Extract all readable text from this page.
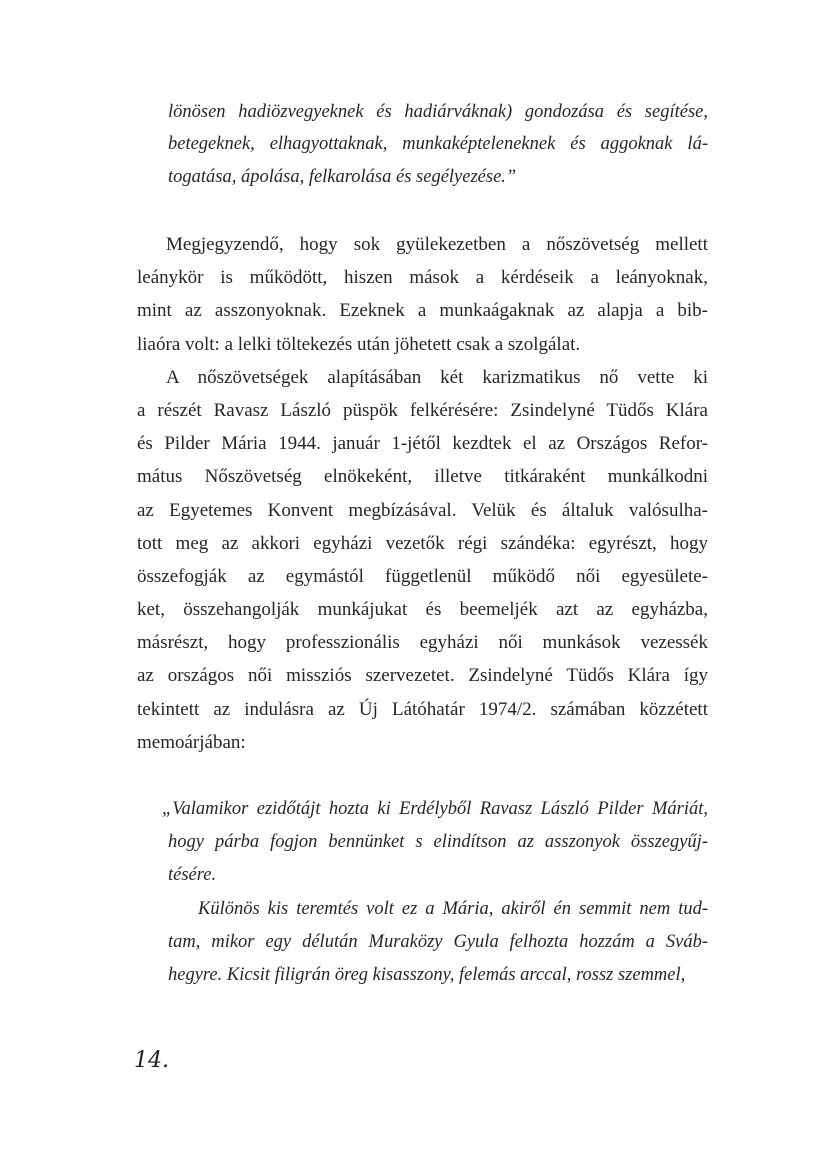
lönösen hadiözvegyeknek és hadiárváknak) gondozása és segítése,
betegeknek, elhagyottaknak, munkaképteleneknek és aggoknak lá-
togatása, ápolása, felkarolása és segélyezése.”
Megjegyzendő, hogy sok gyülekezetben a nőszövetség mellett
leánykör is működött, hiszen mások a kérdéseik a leányoknak,
mint az asszonyoknak. Ezeknek a munkaágaknak az alapja a bib-
liaóra volt: a lelki töltekezés után jöhetett csak a szolgálat.
A nőszövetségek alapításában két karizmatikus nő vette ki
a részét Ravasz László püspök felkérésére: Zsindelyné Tüdős Klára
és Pilder Mária 1944. január 1-jétől kezdtek el az Országos Refor-
mátus Nőszövetség elnökeként, illetve titkáraként munkálkodni
az Egyetemes Konvent megbízásával. Velük és általuk valósulha-
tott meg az akkori egyházi vezetők régi szándéka: egyrészt, hogy
összefogják az egymástól függetlenül működő női egyesülete-
ket, összehangolják munkájukat és beemeljék azt az egyházba,
másrészt, hogy professzionális egyházi női munkások vezessék
az országos női missziós szervezetet. Zsindelyné Tüdős Klára így
tekintett az indulásra az Új Látóhatár 1974/2. számában közzétett
memoárjában:
„Valamikor ezidőtájt hozta ki Erdélyből Ravasz László Pilder Máriát,
hogy párba fogjon bennünket s elindítson az asszonyok összegyűj-
tésére.
Különös kis teremtés volt ez a Mária, akiről én semmit nem tud-
tam, mikor egy délután Muraközy Gyula felhozta hozzám a Sváb-
hegyre. Kicsit filigrán öreg kisasszony, felemás arccal, rossz szemmel,
14.
